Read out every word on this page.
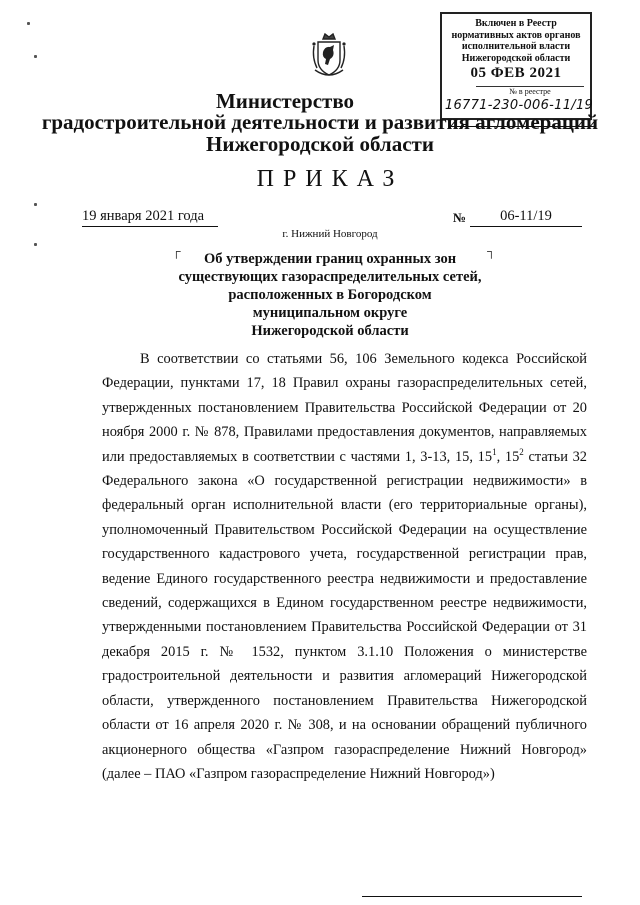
Включен в Реестр
нормативных актов органов
исполнительной власти
Нижегородской области
05 ФЕВ 2021
№ в реестре
16771-230-006-11/19
Министерство
градостроительной деятельности и развития агломераций
Нижегородской области
ПРИКАЗ
19 января 2021 года	№	06-11/19
г. Нижний Новгород
┌	┐
Об утверждении границ охранных зон
существующих газораспределительных сетей,
расположенных в Богородском
муниципальном округе
Нижегородской области
В соответствии со статьями 56, 106 Земельного кодекса Российской Федерации, пунктами 17, 18 Правил охраны газораспределительных сетей, утвержденных постановлением Правительства Российской Федерации от 20 ноября 2000 г. № 878, Правилами предоставления документов, направляемых или предоставляемых в соответствии с частями 1, 3-13, 15, $15^1$, $15^2$ статьи 32 Федерального закона «О государственной регистрации недвижимости» в федеральный орган исполнительной власти (его территориальные органы), уполномоченный Правительством Российской Федерации на осуществление государственного кадастрового учета, государственной регистрации прав, ведение Единого государственного реестра недвижимости и предоставление сведений, содержащихся в Едином государственном реестре недвижимости, утвержденными постановлением Правительства Российской Федерации от 31 декабря 2015 г. № 1532, пунктом 3.1.10 Положения о министерстве градостроительной деятельности и развития агломераций Нижегородской области, утвержденного постановлением Правительства Нижегородской области от 16 апреля 2020 г. № 308, и на основании обращений публичного акционерного общества «Газпром газораспределение Нижний Новгород» (далее – ПАО «Газпром газораспределение Нижний Новгород»)
